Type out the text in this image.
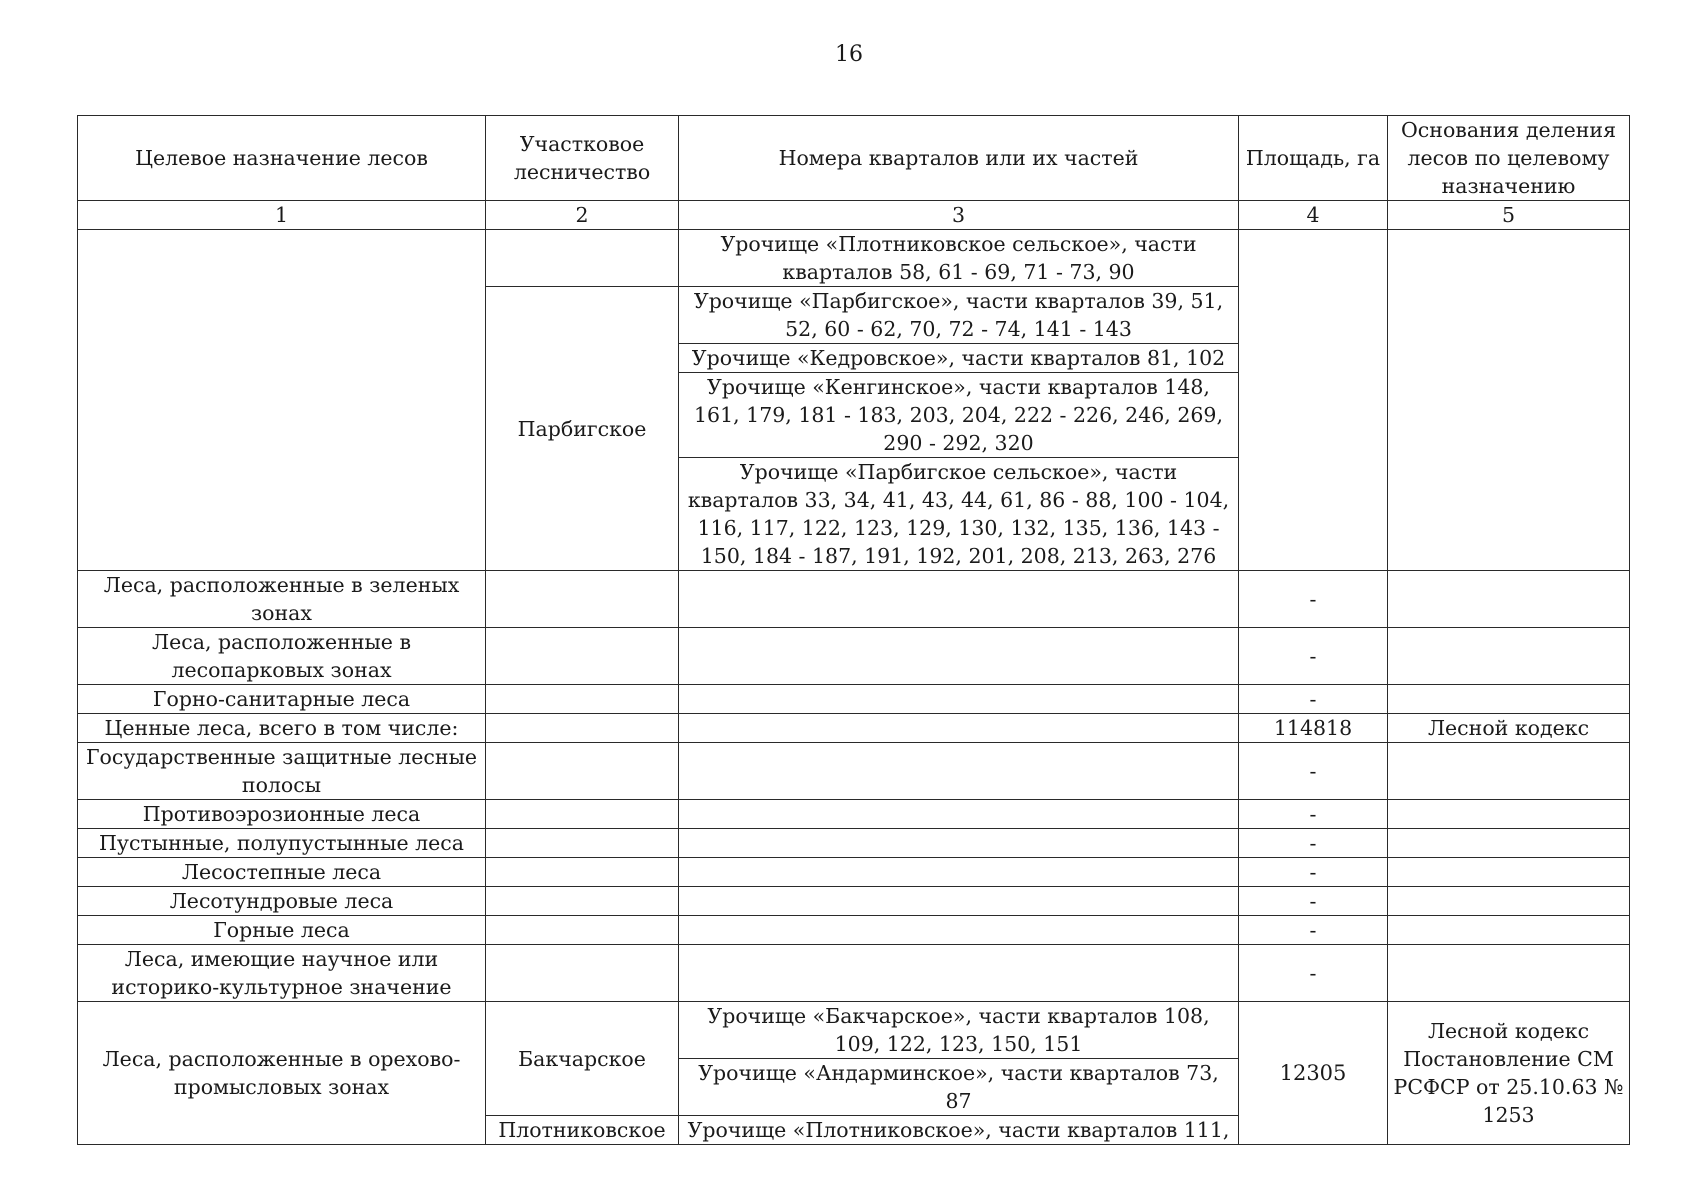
16
Целевое назначение лесов	Участковое лесничество	Номера кварталов или их частей	Площадь, га	Основания деления лесов по целевому назначению
1	2	3	4	5
		Урочище «Плотниковское сельское», части кварталов 58, 61 - 69, 71 - 73, 90		
	Парбигское	Урочище «Парбигское», части кварталов 39, 51, 52, 60 - 62, 70, 72 - 74, 141 - 143		
		Урочище «Кедровское», части кварталов 81, 102		
		Урочище «Кенгинское», части кварталов 148, 161, 179, 181 - 183, 203, 204, 222 - 226, 246, 269, 290 - 292, 320		
		Урочище «Парбигское сельское», части кварталов 33, 34, 41, 43, 44, 61, 86 - 88, 100 - 104, 116, 117, 122, 123, 129, 130, 132, 135, 136, 143 - 150, 184 - 187, 191, 192, 201, 208, 213, 263, 276		

Леса, расположенные в зеленых зонах			-	
Леса, расположенные в лесопарковых зонах			-	
Горно-санитарные леса			-	
Ценные леса, всего в том числе:			114818	Лесной кодекс
Государственные защитные лесные полосы			-	
Противоэрозионные леса			-	
Пустынные, полупустынные леса			-	
Лесостепные леса			-	
Лесотундровые леса			-	
Горные леса			-	
Леса, имеющие научное или историко-культурное значение			-	
Леса, расположенные в орехово-промысловых зонах	Бакчарское	Урочище «Бакчарское», части кварталов 108, 109, 122, 123, 150, 151	12305	Лесной кодекс Постановление СМ РСФСР от 25.10.63 № 1253
		Урочище «Андарминское», части кварталов 73, 87		
	Плотниковское	Урочище «Плотниковское», части кварталов 111,		
